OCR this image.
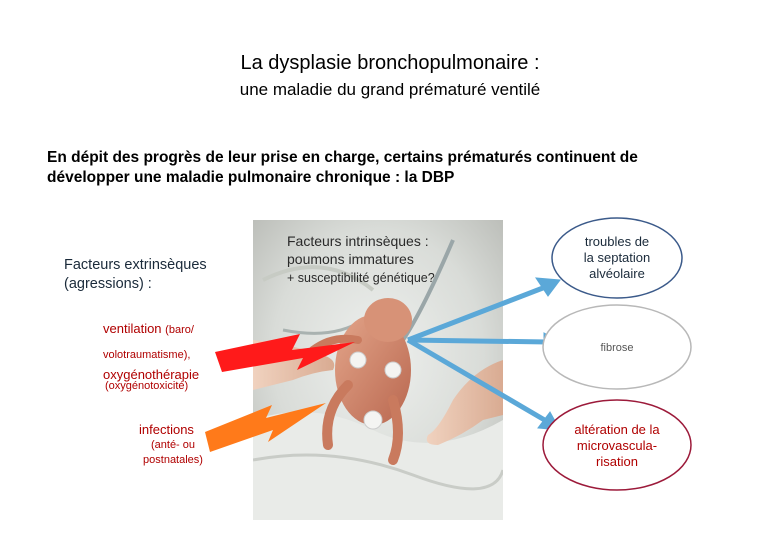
La dysplasie bronchopulmonaire :
une maladie du grand prématuré ventilé
En dépit des progrès de leur prise en charge, certains prématurés continuent de
développer une maladie pulmonaire chronique : la DBP
Facteurs extrinsèques
(agressions) :
Facteurs intrinsèques :
poumons immatures
+ susceptibilité génétique?
ventilation (baro/
volotraumatisme),
oxygénothérapie
(oxygénotoxicité)
infections
(anté- ou
postnatales)
troubles de
la septation
alvéolaire
fibrose
altération de la
microvascula-
risation
